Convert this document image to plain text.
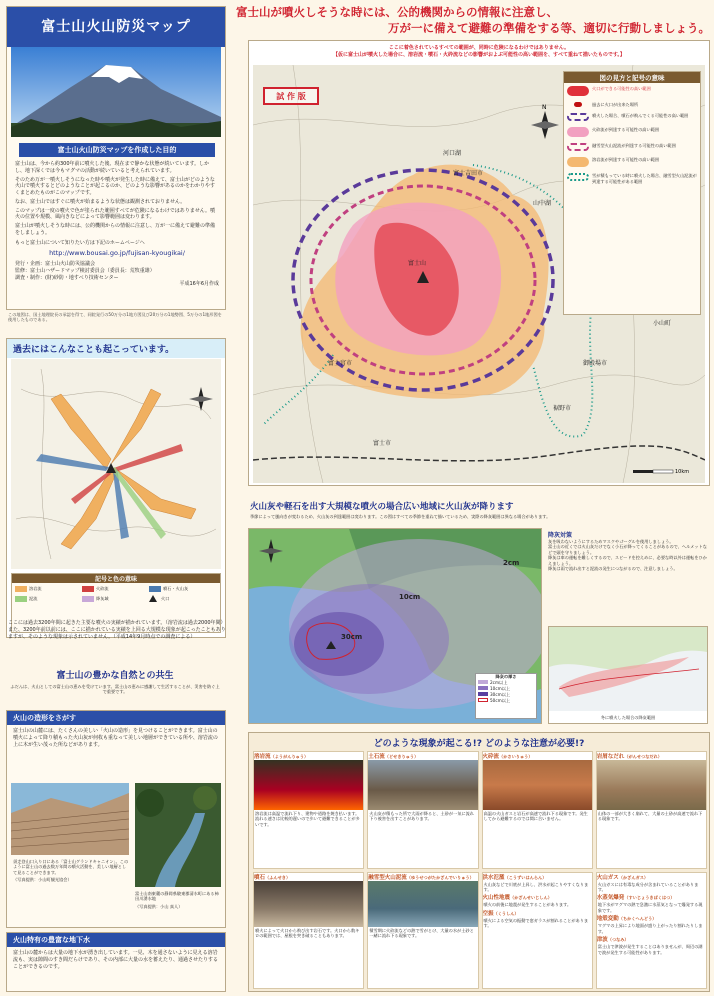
富士山火山防災マップ
富士山火山防災マップを作成した目的
富士山は、今から約300年前に噴火した後、現在まで静かな状態が続いています。しかし、地下深くでは今もマグマの活動が続いていると考えられています。
そのため万が一噴火しそうになった時や噴火が発生した時に備えて、富士山がどのような火山で噴火するとどのようなことが起こるのか、どのような影響があるのかをわかりやすくまとめたものがこのマップです。
なお、富士山ではすぐに噴火が始まるような状態は観測されておりません。
このマップは一度の噴火で色が塗られた範囲すべてが危険になるわけではありません。噴火の位置や規模、風向きなどによって影響範囲は変わります。
富士山が噴火しそうな時には、公的機関からの情報に注意し、万が一に備えて避難の準備をしましょう。
もっと富士山について知りたい方は下記のホームページへ
http://www.bousai.go.jp/fujisan-kyougikai/
発行・企画：富士山火山防災協議会
監修：富士山ハザードマップ検討委員会（委員長：荒牧重雄）
調査・制作：(財)砂防・地すべり技術センター
平成16年6月作成
この地図は、国土地理院長の承認を得て、同院発行の50万分の1地方図及び20万分の1地勢図、5万分の1地形図を使用したものである。
過去にはこんなことも起こっています。
記号と色の意味
溶岩流	火砕流	噴石・火山灰
泥流	降灰域	火口
ここには過去3200年間に起きた主要な噴火の実績が描かれています。（溶岩流は過去2000年間）また、3200年前以前には、ここに描かれている実績を上回る大規模な現象が起こったこともありますが、そのような現象は示されていません。（平成14年9月時点での調査による）
富士山の豊かな自然との共生
ふだんは、火山としての富士山の恵みを受けています。富士山の恵みに感謝して生活することが、災害を防ぐ上で重要です。
火山の造形をさがす
富士山の山麓には、たくさんの美しい「火山の造形」を見つけることができます。富士山の噴火によって降り積もった火山灰が何枚も重なって美しい地層ができている所や、溶岩流の上に木が生い茂った所などがあります。
須走登山口入り口にある「富士山グランドキャニオン」。このように富士山の過去数万年間の噴火活動を、美しい地層として見ることができます。
（写真提供：小山町観光協会）
富士山南東麓の静岡県駿東郡清水町にある柿田川湧水地
（写真提供：小山 真人）
火山特有の豊富な地下水
富士山の麓からは大量の地下水が湧き出しています。一見、木を通さないように見える溶岩流も、実は隙間のすき間だらけであり、その内部に大量の水を蓄えたり、通過させたりすることができるのです。
富士山が噴火しそうな時には、公的機関からの情報に注意し、
万が一に備えて避難の準備をする等、適切に行動しましょう。
ここに着色されているすべての範囲が、同時に危険になるわけではありません。
【仮に富士山が噴火した場合に、溶岩流・噴石・火砕流などの影響がおよぶ可能性の高い範囲を、すべて重ねて描いたものです。】
富士吉田市
河口湖
山中湖
富士山
富士宮市	御殿場市
裾野市
小山町
富士市
N
10km
試 作 版
図の見方と記号の意味
火口ができる可能性の高い範囲
過去に火口が出来た場所
噴火した場合、噴石が飛んでくる可能性の高い範囲
火砕流が到達する可能性の高い範囲
融雪型火山泥流が到達する可能性の高い範囲
溶岩流が到達する可能性の高い範囲
雪が積もっている時に噴火した場合、融雪型火山泥流が到達する可能性がある範囲
火山灰や軽石を出す大規模な噴火の場合広い地域に火山灰が降ります
季節によって風向きが変わるため、火山灰の到達範囲は変わります。この図はすべての季節を重ねて描いているため、実際の降灰範囲は異なる場合があります。
2cm
10cm
30cm
降灰の厚さ
2cm以上
10cm以上
30cm以上
50cm以上
降灰対策
灰を吸わないようにするためマスクやゴーグルを使用しましょう。
富士山の近くでは火山灰だけでなく小石が降ってくることがあるので、ヘルメットなどで頭を守りましょう。
降灰は車の運転を難しくするので、スピードを控えめに、必要な時以外は運転をひかえましょう。
降灰は雨で流れ出すと泥流の発生につながるので、注意しましょう。
冬に噴火した場合の降灰範囲
どのような現象が起こる!? どのような注意が必要!?
溶岩流（ようがんりゅう）
溶岩流は高温で流れ下り、建物や道路を焼き払います。流れる速さは比較的遅いので歩いて避難できることが多いです。
土石流（どせきりゅう）
火山灰が積もった所で大雨が降ると、土砂が一気に流れ下り被害を出すことがあります。
火砕流（かさいりゅう）
高温の火山ガスと岩石が高速で流れ下る現象です。発生してから避難するのでは間に合いません。
岩屑なだれ（がんせつなだれ）
山体の一部が大きく崩れて、大量の土砂が高速で流れ下る現象です。
噴石（ふんせき）
噴火によって火口から飛び出す岩石です。火口から数キロの範囲では、屋根を突き破ることもあります。
融雪型火山泥流（ゆうせつがたかざんでいりゅう）
積雪期に火砕流などの熱で雪がとけ、大量の水が土砂と一緒に流れ下る現象です。
洪水氾濫（こうずいはんらん）
火山灰などで川底が上昇し、洪水が起こりやすくなります。
火山性地震（かざんせいじしん）
噴火の前後に地震が発生することがあります。
空振（くうしん）
噴火による空気の振動で窓ガラスが割れることがあります。
火山ガス（かざんガス）
火山ガスには有毒な成分が含まれていることがあります。
水蒸気爆発（すいじょうきばくはつ）
地下水がマグマの熱で急激に水蒸気となって爆発する現象です。
地殻変動（ちかくへんどう）
マグマの上昇により地面が盛り上がったり割れたりします。
津波（つなみ）
富士山で津波が発生することはありませんが、周辺の湖で波が発生する可能性があります。
